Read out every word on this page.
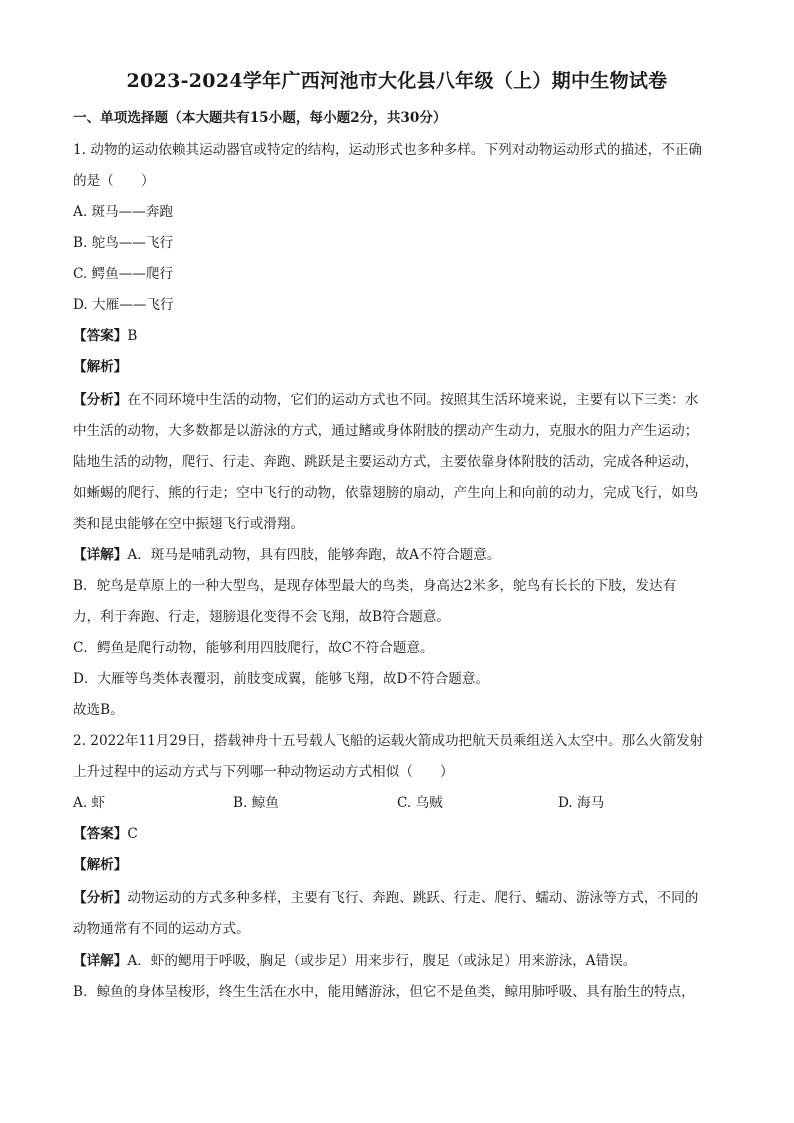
2023-2024学年广西河池市大化县八年级（上）期中生物试卷
一、单项选择题（本大题共有15小题，每小题2分，共30分）
1. 动物的运动依赖其运动器官或特定的结构，运动形式也多种多样。下列对动物运动形式的描述，不正确
的是（　　）
A. 斑马——奔跑
B. 鸵鸟——飞行
C. 鳄鱼——爬行
D. 大雁——飞行
【答案】B
【解析】
【分析】在不同环境中生活的动物，它们的运动方式也不同。按照其生活环境来说，主要有以下三类：水
中生活的动物，大多数都是以游泳的方式，通过鳍或身体附肢的摆动产生动力，克服水的阻力产生运动；
陆地生活的动物，爬行、行走、奔跑、跳跃是主要运动方式，主要依靠身体附肢的活动，完成各种运动，
如蜥蜴的爬行、熊的行走；空中飞行的动物，依靠翅膀的扇动，产生向上和向前的动力，完成飞行，如鸟
类和昆虫能够在空中振翅飞行或滑翔。
【详解】A．斑马是哺乳动物，具有四肢，能够奔跑，故A不符合题意。
B．鸵鸟是草原上的一种大型鸟，是现存体型最大的鸟类，身高达2米多，鸵鸟有长长的下肢，发达有
力，利于奔跑、行走，翅膀退化变得不会飞翔，故B符合题意。
C．鳄鱼是爬行动物，能够利用四肢爬行，故C不符合题意。
D．大雁等鸟类体表覆羽，前肢变成翼，能够飞翔，故D不符合题意。
故选B。
2. 2022年11月29日，搭载神舟十五号载人飞船的运载火箭成功把航天员乘组送入太空中。那么火箭发射
上升过程中的运动方式与下列哪一种动物运动方式相似（　　）
A. 虾	B. 鲸鱼	C. 乌贼	D. 海马
【答案】C
【解析】
【分析】动物运动的方式多种多样，主要有飞行、奔跑、跳跃、行走、爬行、蠕动、游泳等方式，不同的
动物通常有不同的运动方式。
【详解】A．虾的鳃用于呼吸，胸足（或步足）用来步行，腹足（或泳足）用来游泳，A错误。
B．鲸鱼的身体呈梭形，终生生活在水中，能用鳍游泳，但它不是鱼类，鲸用肺呼吸、具有胎生的特点，
